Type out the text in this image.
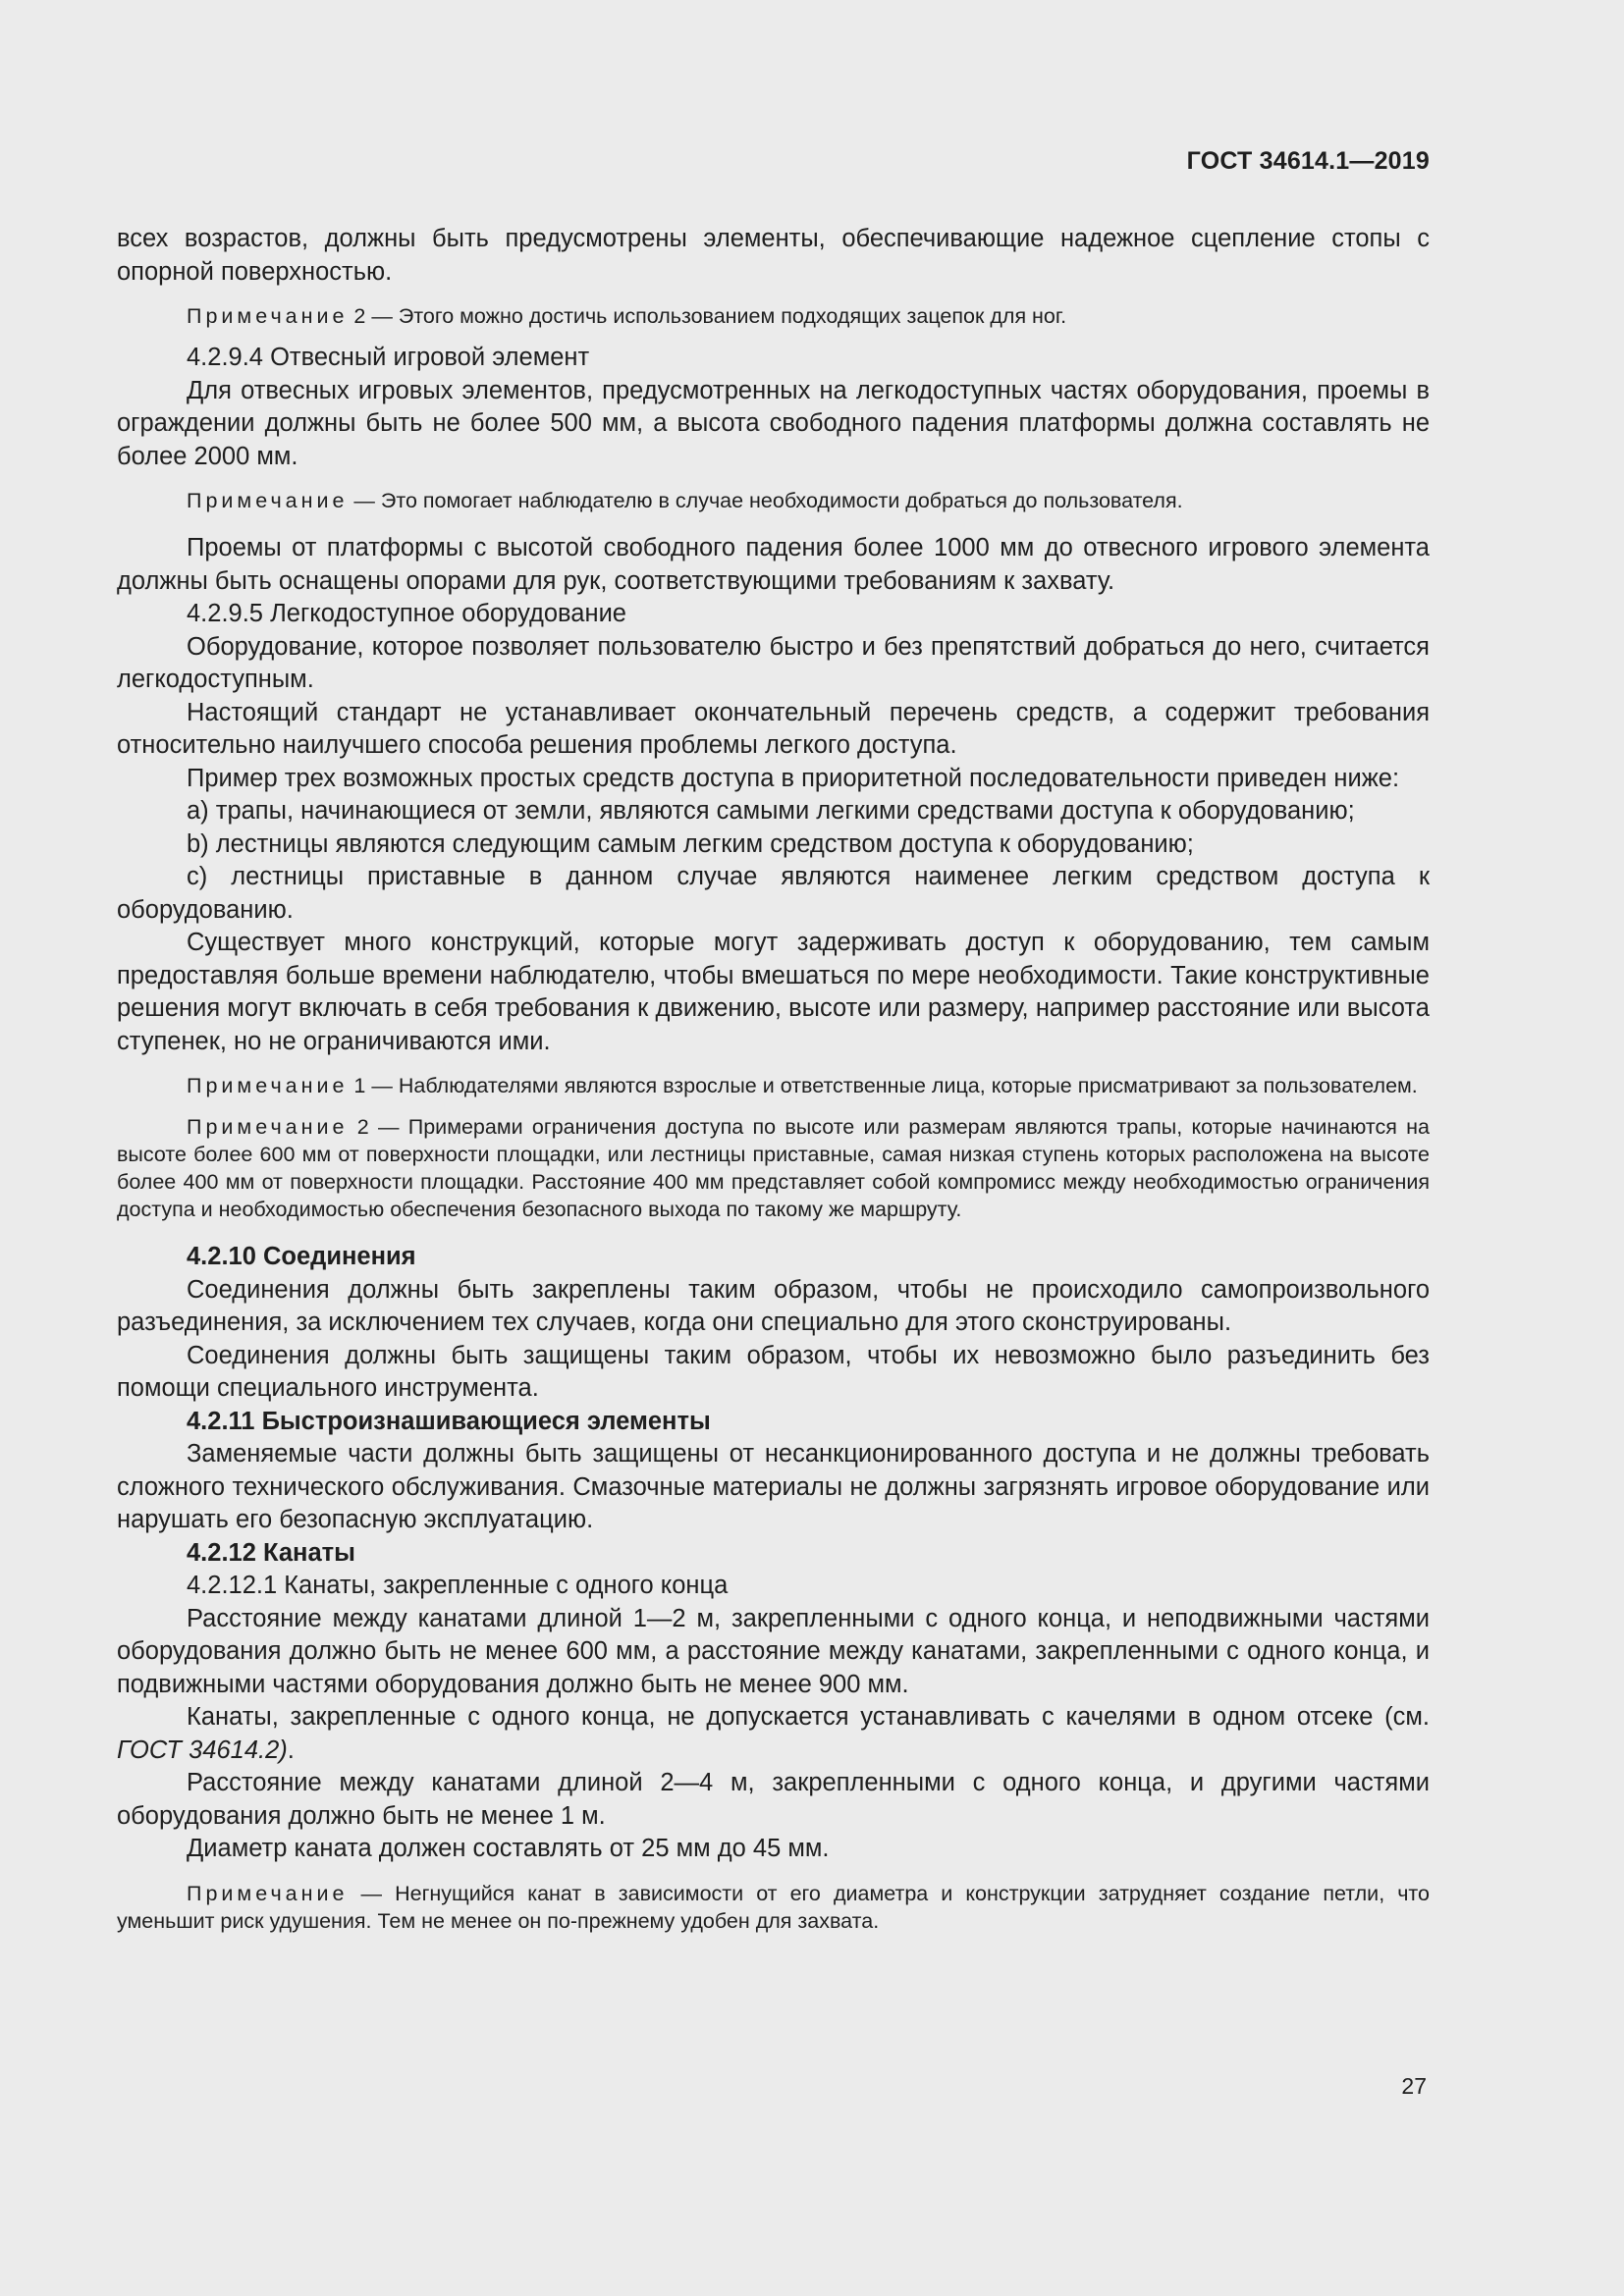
ГОСТ 34614.1—2019

всех возрастов, должны быть предусмотрены элементы, обеспечивающие надежное сцепление стопы с опорной поверхностью.

Примечание 2 — Этого можно достичь использованием подходящих зацепок для ног.

4.2.9.4 Отвесный игровой элемент

Для отвесных игровых элементов, предусмотренных на легкодоступных частях оборудования, проемы в ограждении должны быть не более 500 мм, а высота свободного падения платформы должна составлять не более 2000 мм.

Примечание — Это помогает наблюдателю в случае необходимости добраться до пользователя.

Проемы от платформы с высотой свободного падения более 1000 мм до отвесного игрового элемента должны быть оснащены опорами для рук, соответствующими требованиям к захвату.

4.2.9.5 Легкодоступное оборудование

Оборудование, которое позволяет пользователю быстро и без препятствий добраться до него, считается легкодоступным.

Настоящий стандарт не устанавливает окончательный перечень средств, а содержит требования относительно наилучшего способа решения проблемы легкого доступа.

Пример трех возможных простых средств доступа в приоритетной последовательности приведен ниже:

a) трапы, начинающиеся от земли, являются самыми легкими средствами доступа к оборудованию;

b) лестницы являются следующим самым легким средством доступа к оборудованию;

c) лестницы приставные в данном случае являются наименее легким средством доступа к оборудованию.

Существует много конструкций, которые могут задерживать доступ к оборудованию, тем самым предоставляя больше времени наблюдателю, чтобы вмешаться по мере необходимости. Такие конструктивные решения могут включать в себя требования к движению, высоте или размеру, например расстояние или высота ступенек, но не ограничиваются ими.

Примечание 1 — Наблюдателями являются взрослые и ответственные лица, которые присматривают за пользователем.

Примечание 2 — Примерами ограничения доступа по высоте или размерам являются трапы, которые начинаются на высоте более 600 мм от поверхности площадки, или лестницы приставные, самая низкая ступень которых расположена на высоте более 400 мм от поверхности площадки. Расстояние 400 мм представляет собой компромисс между необходимостью ограничения доступа и необходимостью обеспечения безопасного выхода по такому же маршруту.

4.2.10 Соединения

Соединения должны быть закреплены таким образом, чтобы не происходило самопроизвольного разъединения, за исключением тех случаев, когда они специально для этого сконструированы.

Соединения должны быть защищены таким образом, чтобы их невозможно было разъединить без помощи специального инструмента.

4.2.11 Быстроизнашивающиеся элементы

Заменяемые части должны быть защищены от несанкционированного доступа и не должны требовать сложного технического обслуживания. Смазочные материалы не должны загрязнять игровое оборудование или нарушать его безопасную эксплуатацию.

4.2.12 Канаты

4.2.12.1 Канаты, закрепленные с одного конца

Расстояние между канатами длиной 1—2 м, закрепленными с одного конца, и неподвижными частями оборудования должно быть не менее 600 мм, а расстояние между канатами, закрепленными с одного конца, и подвижными частями оборудования должно быть не менее 900 мм.

Канаты, закрепленные с одного конца, не допускается устанавливать с качелями в одном отсеке (см. ГОСТ 34614.2).

Расстояние между канатами длиной 2—4 м, закрепленными с одного конца, и другими частями оборудования должно быть не менее 1 м.

Диаметр каната должен составлять от 25 мм до 45 мм.

Примечание — Негнущийся канат в зависимости от его диаметра и конструкции затрудняет создание петли, что уменьшит риск удушения. Тем не менее он по-прежнему удобен для захвата.

27
